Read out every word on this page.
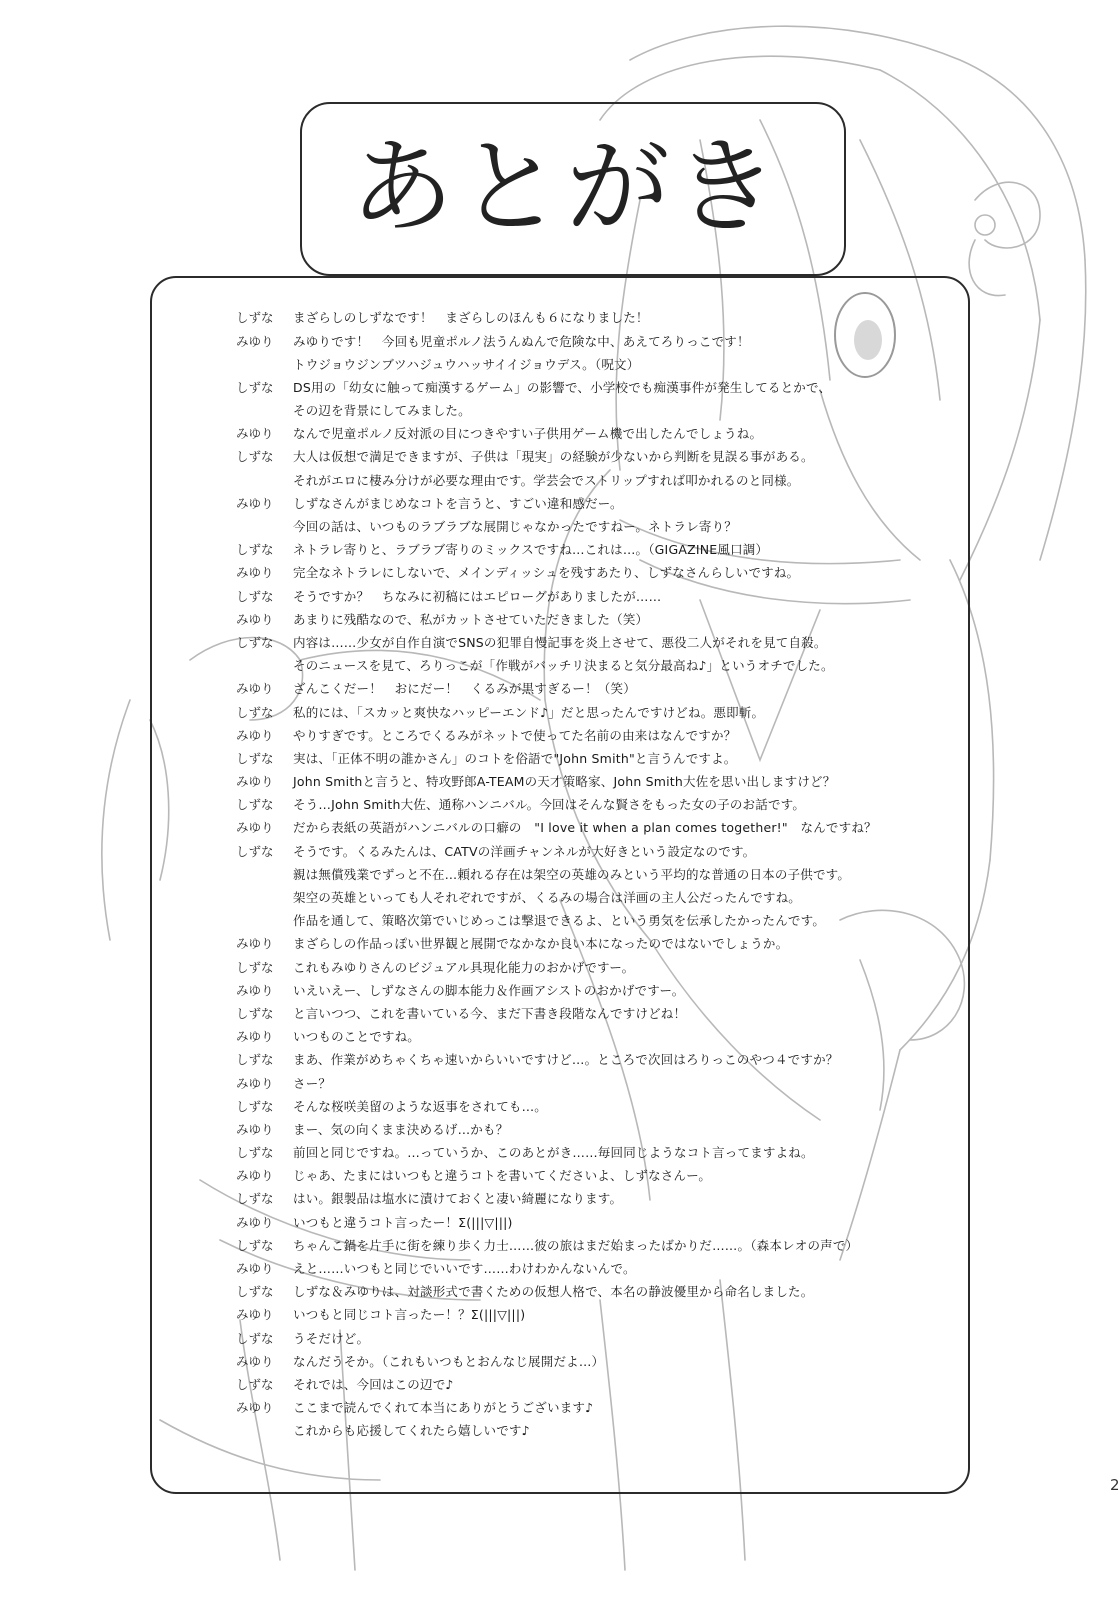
あとがき
しずな	まざらしのしずなです！　まざらしのほんも６になりました！
みゆり	みゆりです！　今回も児童ポルノ法うんぬんで危険な中、あえてろりっこです！
トウジョウジンブツハジュウハッサイイジョウデス。（呪文）
しずな	DS用の「幼女に触って痴漢するゲーム」の影響で、小学校でも痴漢事件が発生してるとかで、
その辺を背景にしてみました。
みゆり	なんで児童ポルノ反対派の目につきやすい子供用ゲーム機で出したんでしょうね。
しずな	大人は仮想で満足できますが、子供は「現実」の経験が少ないから判断を見誤る事がある。
それがエロに棲み分けが必要な理由です。学芸会でストリップすれば叩かれるのと同様。
みゆり	しずなさんがまじめなコトを言うと、すごい違和感だー。
今回の話は、いつものラブラブな展開じゃなかったですねー。ネトラレ寄り？
しずな	ネトラレ寄りと、ラブラブ寄りのミックスですね…これは…。（GIGAZINE風口調）
みゆり	完全なネトラレにしないで、メインディッシュを残すあたり、しずなさんらしいですね。
しずな	そうですか？　ちなみに初稿にはエピローグがありましたが……
みゆり	あまりに残酷なので、私がカットさせていただきました（笑）
しずな	内容は……少女が自作自演でSNSの犯罪自慢記事を炎上させて、悪役二人がそれを見て自殺。
そのニュースを見て、ろりっこが「作戦がバッチリ決まると気分最高ね♪」というオチでした。
みゆり	ざんこくだー！　おにだー！　くるみが黒すぎるー！（笑）
しずな	私的には、「スカッと爽快なハッピーエンド♪」だと思ったんですけどね。悪即斬。
みゆり	やりすぎです。ところでくるみがネットで使ってた名前の由来はなんですか？
しずな	実は、「正体不明の誰かさん」のコトを俗語で"John Smith"と言うんですよ。
みゆり	John Smithと言うと、特攻野郎A-TEAMの天才策略家、John Smith大佐を思い出しますけど？
しずな	そう…John Smith大佐、通称ハンニバル。今回はそんな賢さをもった女の子のお話です。
みゆり	だから表紙の英語がハンニバルの口癖の　"I love it when a plan comes together!"　なんですね？
しずな	そうです。くるみたんは、CATVの洋画チャンネルが大好きという設定なのです。
親は無償残業でずっと不在…頼れる存在は架空の英雄のみという平均的な普通の日本の子供です。
架空の英雄といっても人それぞれですが、くるみの場合は洋画の主人公だったんですね。
作品を通して、策略次第でいじめっこは撃退できるよ、という勇気を伝承したかったんです。
みゆり	まざらしの作品っぽい世界観と展開でなかなか良い本になったのではないでしょうか。
しずな	これもみゆりさんのビジュアル具現化能力のおかげですー。
みゆり	いえいえー、しずなさんの脚本能力＆作画アシストのおかげですー。
しずな	と言いつつ、これを書いている今、まだ下書き段階なんですけどね！
みゆり	いつものことですね。
しずな	まあ、作業がめちゃくちゃ速いからいいですけど…。ところで次回はろりっこのやつ４ですか？
みゆり	さー？
しずな	そんな桜咲美留のような返事をされても…。
みゆり	まー、気の向くまま決めるげ…かも？
しずな	前回と同じですね。…っていうか、このあとがき……毎回同じようなコト言ってますよね。
みゆり	じゃあ、たまにはいつもと違うコトを書いてくださいよ、しずなさんー。
しずな	はい。銀製品は塩水に漬けておくと凄い綺麗になります。
みゆり	いつもと違うコト言ったー！Σ(|||▽|||)
しずな	ちゃんこ鍋を片手に街を練り歩く力士……彼の旅はまだ始まったばかりだ……。（森本レオの声で）
みゆり	えと……いつもと同じでいいです……わけわかんないんで。
しずな	しずな＆みゆりは、対談形式で書くための仮想人格で、本名の静波優里から命名しました。
みゆり	いつもと同じコト言ったー！？Σ(|||▽|||)
しずな	うそだけど。
みゆり	なんだうそか。（これもいつもとおんなじ展開だよ…）
しずな	それでは、今回はこの辺で♪
みゆり	ここまで読んでくれて本当にありがとうございます♪
これからも応援してくれたら嬉しいです♪
2
